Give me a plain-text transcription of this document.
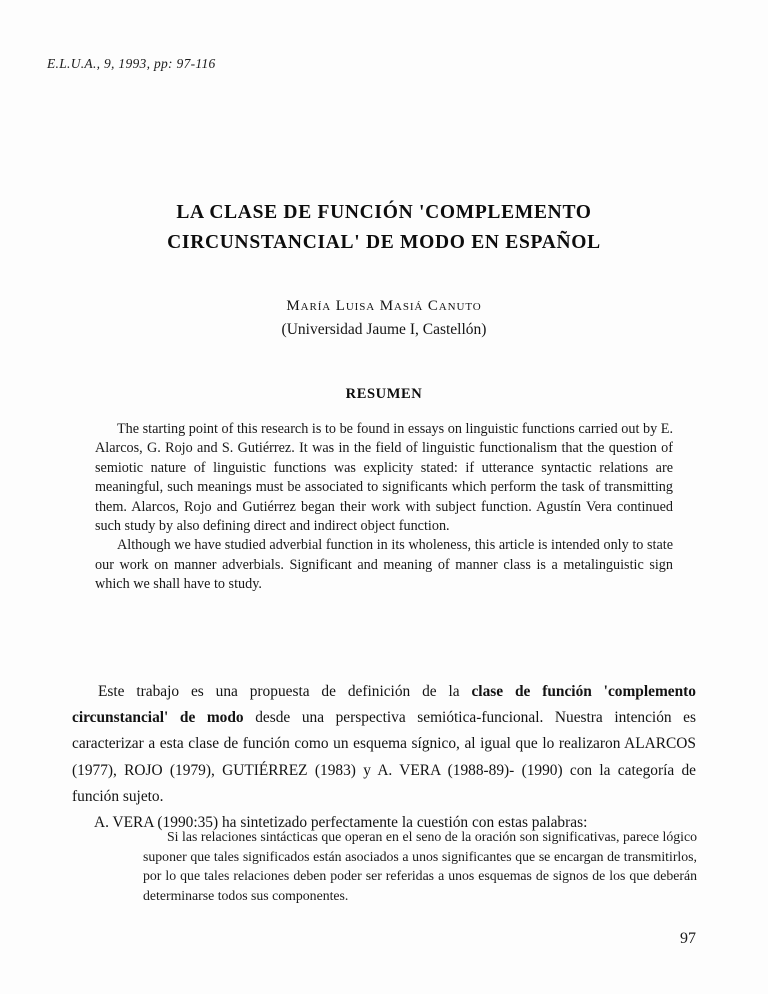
E.L.U.A., 9, 1993, pp: 97-116
LA CLASE DE FUNCIÓN 'COMPLEMENTO
CIRCUNSTANCIAL' DE MODO EN ESPAÑOL
María Luisa Masiá Canuto
(Universidad Jaume I, Castellón)
RESUMEN

The starting point of this research is to be found in essays on linguistic functions carried out by E. Alarcos, G. Rojo and S. Gutiérrez. It was in the field of linguistic functionalism that the question of semiotic nature of linguistic functions was explicity stated: if utterance syntactic relations are meaningful, such meanings must be associated to significants which perform the task of transmitting them. Alarcos, Rojo and Gutiérrez began their work with subject function. Agustín Vera continued such study by also defining direct and indirect object function.

Although we have studied adverbial function in its wholeness, this article is intended only to state our work on manner adverbials. Significant and meaning of manner class is a metalinguistic sign which we shall have to study.

Este trabajo es una propuesta de definición de la clase de función 'complemento circunstancial' de modo desde una perspectiva semiótica-funcional. Nuestra intención es caracterizar a esta clase de función como un esquema sígnico, al igual que lo realizaron ALARCOS (1977), ROJO (1979), GUTIÉRREZ (1983) y A. VERA (1988-89)- (1990) con la categoría de función sujeto.

A. VERA (1990:35) ha sintetizado perfectamente la cuestión con estas palabras:

Si las relaciones sintácticas que operan en el seno de la oración son significativas, parece lógico suponer que tales significados están asociados a unos significantes que se encargan de transmitirlos, por lo que tales relaciones deben poder ser referidas a unos esquemas de signos de los que deberán determinarse todos sus componentes.

97
